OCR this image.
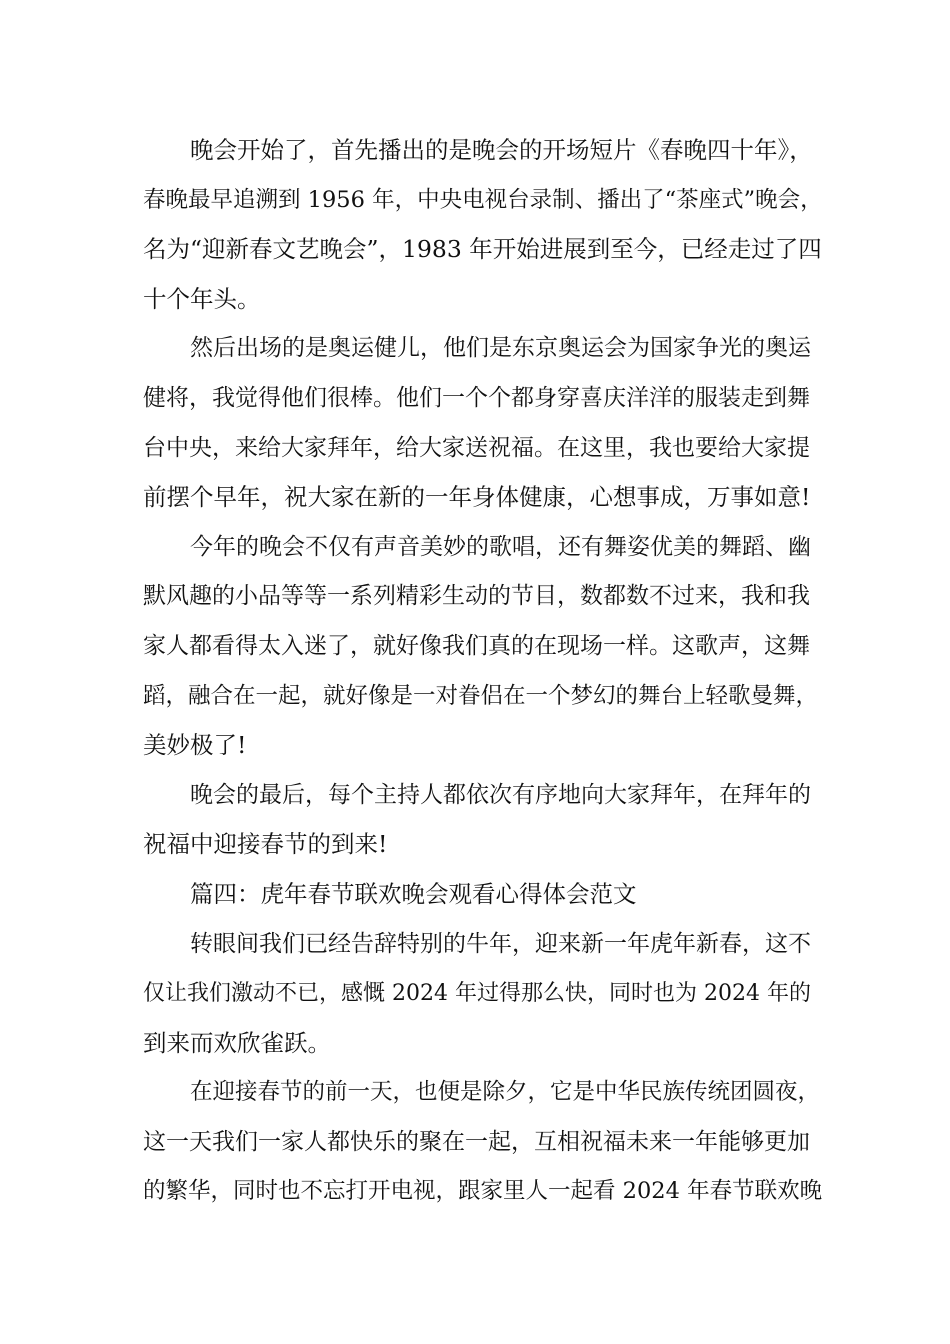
晚会开始了，首先播出的是晚会的开场短片《春晚四十年》，
春晚最早追溯到 1956 年，中央电视台录制、播出了“茶座式”晚会，
名为“迎新春文艺晚会”，1983 年开始进展到至今，已经走过了四
十个年头。
然后出场的是奥运健儿，他们是东京奥运会为国家争光的奥运
健将，我觉得他们很棒。他们一个个都身穿喜庆洋洋的服装走到舞
台中央，来给大家拜年，给大家送祝福。在这里，我也要给大家提
前摆个早年，祝大家在新的一年身体健康，心想事成，万事如意!
今年的晚会不仅有声音美妙的歌唱，还有舞姿优美的舞蹈、幽
默风趣的小品等等一系列精彩生动的节目，数都数不过来，我和我
家人都看得太入迷了，就好像我们真的在现场一样。这歌声，这舞
蹈，融合在一起，就好像是一对眷侣在一个梦幻的舞台上轻歌曼舞，
美妙极了!
晚会的最后，每个主持人都依次有序地向大家拜年，在拜年的
祝福中迎接春节的到来!
篇四：虎年春节联欢晚会观看心得体会范文
转眼间我们已经告辞特别的牛年，迎来新一年虎年新春，这不
仅让我们激动不已，感慨 2024 年过得那么快，同时也为 2024 年的
到来而欢欣雀跃。
在迎接春节的前一天，也便是除夕，它是中华民族传统团圆夜，
这一天我们一家人都快乐的聚在一起，互相祝福未来一年能够更加
的繁华，同时也不忘打开电视，跟家里人一起看 2024 年春节联欢晚
